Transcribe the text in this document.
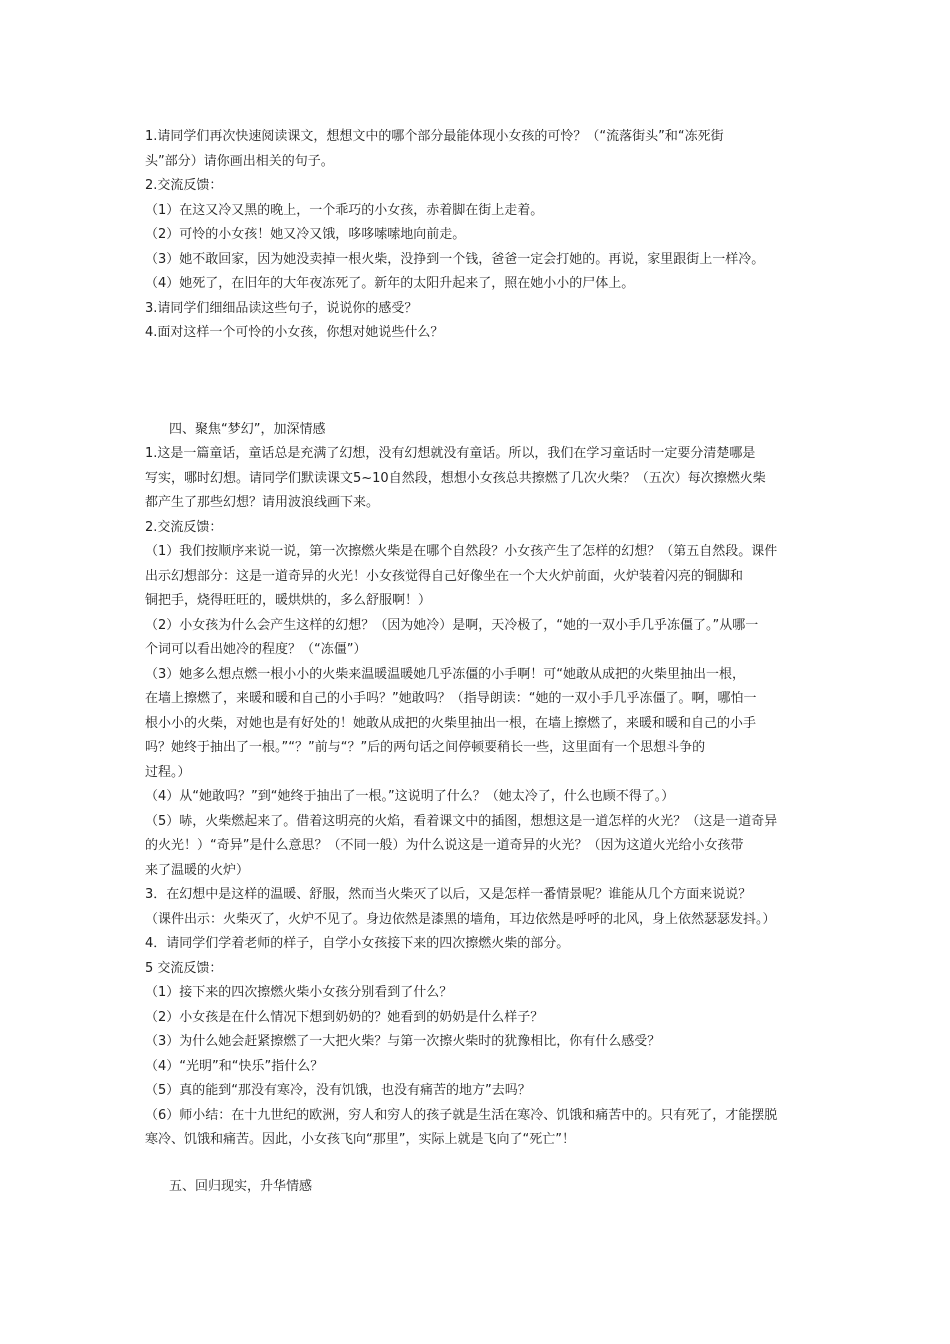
1.请同学们再次快速阅读课文，想想文中的哪个部分最能体现小女孩的可怜？（“流落街头”和“冻死街
头”部分）请你画出相关的句子。
2.交流反馈：
（1）在这又冷又黑的晚上，一个乖巧的小女孩，赤着脚在街上走着。
（2）可怜的小女孩！她又冷又饿，哆哆嗦嗦地向前走。
（3）她不敢回家，因为她没卖掉一根火柴，没挣到一个钱，爸爸一定会打她的。再说，家里跟街上一样冷。
（4）她死了，在旧年的大年夜冻死了。新年的太阳升起来了，照在她小小的尸体上。
3.请同学们细细品读这些句子，说说你的感受？
4.面对这样一个可怜的小女孩，你想对她说些什么？
四、聚焦“梦幻”，加深情感
1.这是一篇童话，童话总是充满了幻想，没有幻想就没有童话。所以，我们在学习童话时一定要分清楚哪是
写实，哪时幻想。请同学们默读课文5~10自然段，想想小女孩总共擦燃了几次火柴？（五次）每次擦燃火柴
都产生了那些幻想？请用波浪线画下来。
2.交流反馈：
（1）我们按顺序来说一说，第一次擦燃火柴是在哪个自然段？小女孩产生了怎样的幻想？（第五自然段。课件
出示幻想部分：这是一道奇异的火光！小女孩觉得自己好像坐在一个大火炉前面，火炉装着闪亮的铜脚和
铜把手，烧得旺旺的，暖烘烘的，多么舒服啊！）
（2）小女孩为什么会产生这样的幻想？（因为她冷）是啊，天冷极了，“她的一双小手几乎冻僵了。”从哪一
个词可以看出她冷的程度？（“冻僵”）
（3）她多么想点燃一根小小的火柴来温暖温暖她几乎冻僵的小手啊！可“她敢从成把的火柴里抽出一根，
在墙上擦燃了，来暖和暖和自己的小手吗？”她敢吗？（指导朗读：“她的一双小手几乎冻僵了。啊，哪怕一
根小小的火柴，对她也是有好处的！她敢从成把的火柴里抽出一根，在墙上擦燃了，来暖和暖和自己的小手
吗？她终于抽出了一根。”“？”前与“？”后的两句话之间停顿要稍长一些，这里面有一个思想斗争的
过程。）
（4）从“她敢吗？”到“她终于抽出了一根。”这说明了什么？（她太冷了，什么也顾不得了。）
（5）哧，火柴燃起来了。借着这明亮的火焰，看着课文中的插图，想想这是一道怎样的火光？（这是一道奇异
的火光！）“奇异”是什么意思？（不同一般）为什么说这是一道奇异的火光？（因为这道火光给小女孩带
来了温暖的火炉）
3．在幻想中是这样的温暖、舒服，然而当火柴灭了以后，又是怎样一番情景呢？谁能从几个方面来说说？
（课件出示：火柴灭了，火炉不见了。身边依然是漆黑的墙角，耳边依然是呼呼的北风，身上依然瑟瑟发抖。）
4．请同学们学着老师的样子，自学小女孩接下来的四次擦燃火柴的部分。
5 交流反馈：
（1）接下来的四次擦燃火柴小女孩分别看到了什么？
（2）小女孩是在什么情况下想到奶奶的？她看到的奶奶是什么样子？
（3）为什么她会赶紧擦燃了一大把火柴？与第一次擦火柴时的犹豫相比，你有什么感受？
（4）“光明”和“快乐”指什么？
（5）真的能到“那没有寒冷，没有饥饿，也没有痛苦的地方”去吗？
（6）师小结：在十九世纪的欧洲，穷人和穷人的孩子就是生活在寒冷、饥饿和痛苦中的。只有死了，才能摆脱
寒冷、饥饿和痛苦。因此，小女孩飞向“那里”，实际上就是飞向了“死亡”！
五、回归现实，升华情感
